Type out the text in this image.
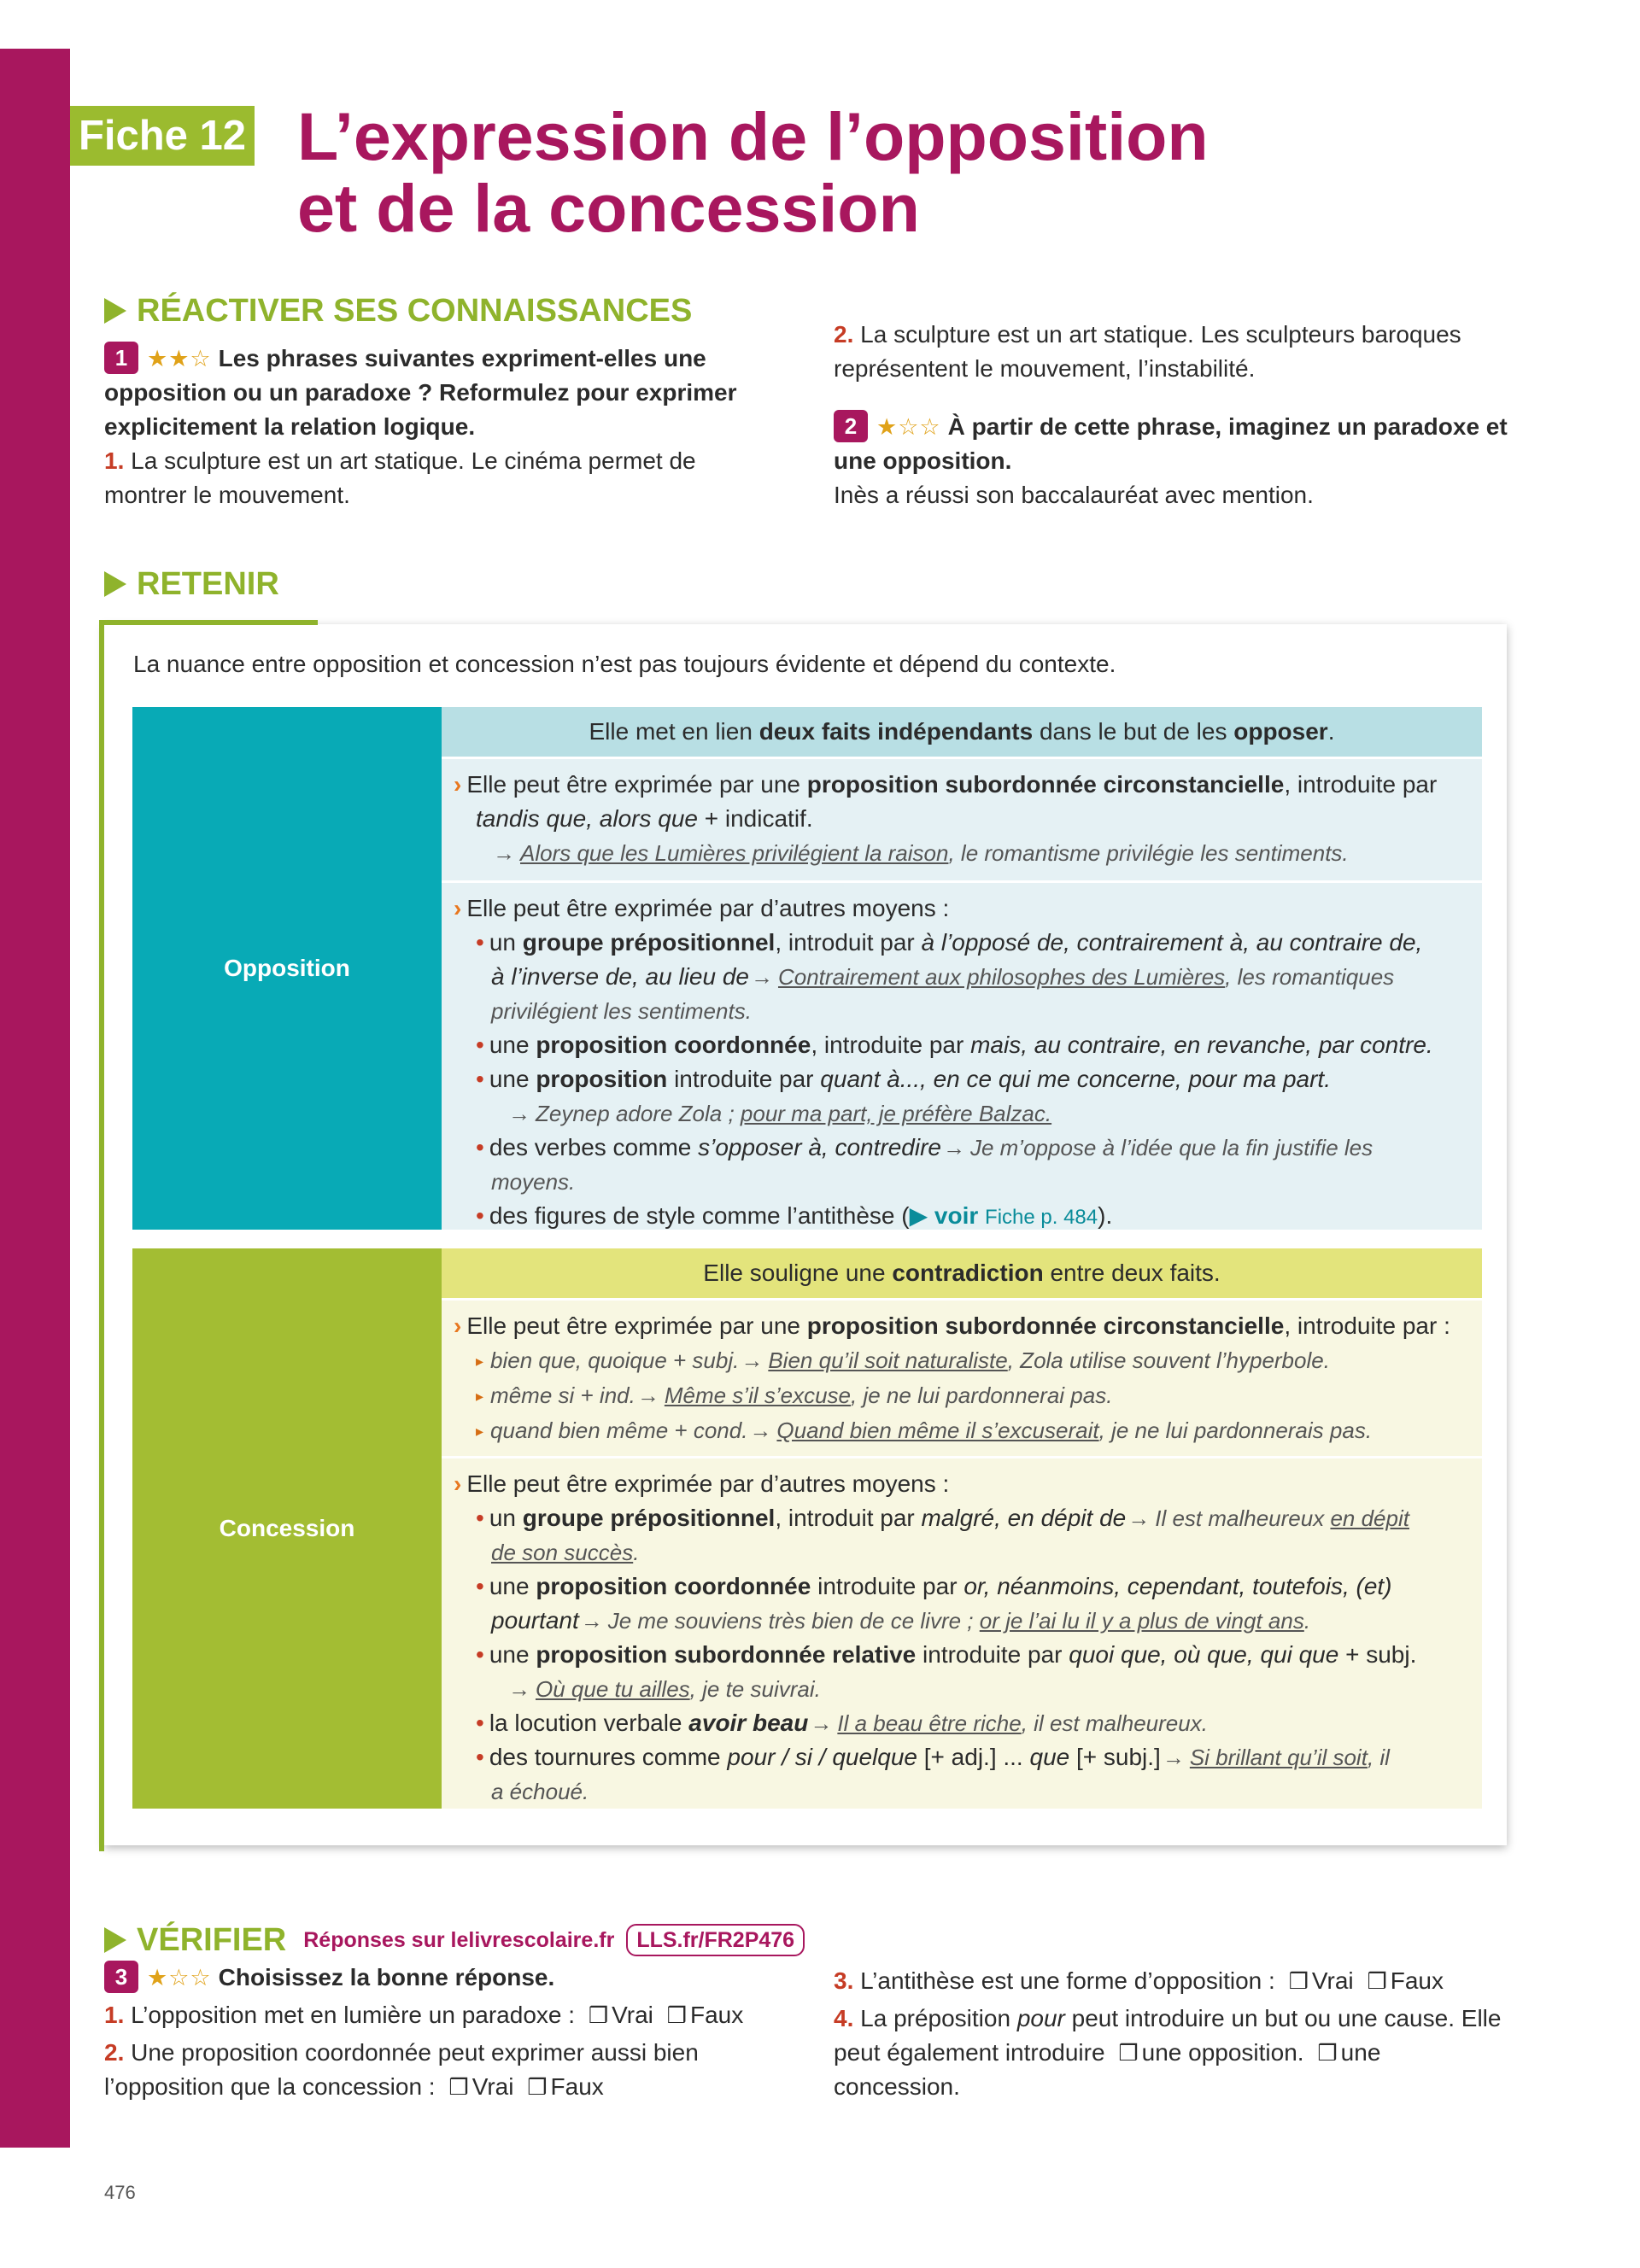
Fiche 12 L’expression de l’opposition
et de la concession
RÉACTIVER SES CONNAISSANCES

1 ★★☆ Les phrases suivantes expriment-elles une opposition ou un paradoxe ? Reformulez pour exprimer explicitement la relation logique.

1. La sculpture est un art statique. Le cinéma permet de montrer le mouvement.

2. La sculpture est un art statique. Les sculpteurs baroques représentent le mouvement, l’instabilité.

2 ★☆☆ À partir de cette phrase, imaginez un paradoxe et une opposition.

Inès a réussi son baccalauréat avec mention.

RETENIR

La nuance entre opposition et concession n’est pas toujours évidente et dépend du contexte.

Opposition
Elle met en lien deux faits indépendants dans le but de les opposer.

› Elle peut être exprimée par une proposition subordonnée circonstancielle, introduite par

tandis que, alors que + indicatif.

→ Alors que les Lumières privilégient la raison, le romantisme privilégie les sentiments.

› Elle peut être exprimée par d’autres moyens :

• un groupe prépositionnel, introduit par à l’opposé de, contrairement à, au contraire de,

à l’inverse de, au lieu de→ Contrairement aux philosophes des Lumières, les romantiques

privilégient les sentiments.

• une proposition coordonnée, introduite par mais, au contraire, en revanche, par contre.

• une proposition introduite par quant à..., en ce qui me concerne, pour ma part.

→ Zeynep adore Zola ; pour ma part, je préfère Balzac.

• des verbes comme s’opposer à, contredire→ Je m’oppose à l’idée que la fin justifie les

moyens.

• des figures de style comme l’antithèse (▶ voir Fiche p. 484).

Concession
Elle souligne une contradiction entre deux faits.

› Elle peut être exprimée par une proposition subordonnée circonstancielle, introduite par :

▸ bien que, quoique + subj.→ Bien qu’il soit naturaliste, Zola utilise souvent l’hyperbole.

▸ même si + ind.→ Même s’il s’excuse, je ne lui pardonnerai pas.

▸ quand bien même + cond.→ Quand bien même il s’excuserait, je ne lui pardonnerais pas.

› Elle peut être exprimée par d’autres moyens :

• un groupe prépositionnel, introduit par malgré, en dépit de→ Il est malheureux en dépit

de son succès.

• une proposition coordonnée introduite par or, néanmoins, cependant, toutefois, (et)

pourtant→ Je me souviens très bien de ce livre ; or je l’ai lu il y a plus de vingt ans.

• une proposition subordonnée relative introduite par quoi que, où que, qui que + subj.

→ Où que tu ailles, je te suivrai.

• la locution verbale avoir beau→ Il a beau être riche, il est malheureux.

• des tournures comme pour / si / quelque [+ adj.] ... que [+ subj.]→ Si brillant qu’il soit, il

a échoué.

VÉRIFIER Réponses sur lelivrescolaire.fr	LLS.fr/FR2P476

3 ★☆☆ Choisissez la bonne réponse.

1. L’opposition met en lumière un paradoxe : ❒ Vrai ❒ Faux

2. Une proposition coordonnée peut exprimer aussi bien l’opposition que la concession : ❒ Vrai ❒ Faux

3. L’antithèse est une forme d’opposition : ❒ Vrai ❒ Faux

4. La préposition pour peut introduire un but ou une cause. Elle peut également introduire ❒ une opposition. ❒ une concession.

476
